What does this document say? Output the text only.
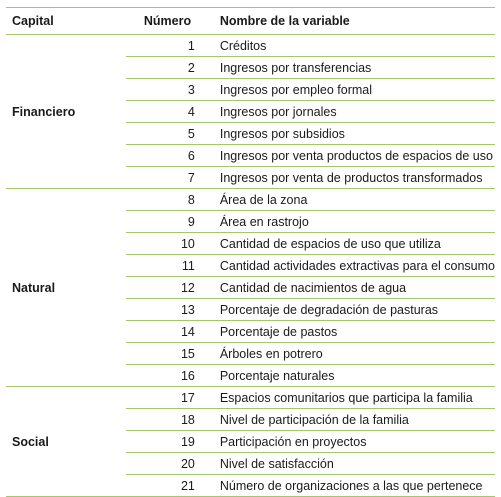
Capital	Número	Nombre de la variable
Financiero	1	Créditos
	2	Ingresos por transferencias
	3	Ingresos por empleo formal
	4	Ingresos por jornales
	5	Ingresos por subsidios
	6	Ingresos por venta productos de espacios de uso
	7	Ingresos por venta de productos transformados
Natural	8	Área de la zona
	9	Área en rastrojo
	10	Cantidad de espacios de uso que utiliza
	11	Cantidad actividades extractivas para el consumo
	12	Cantidad de nacimientos de agua
	13	Porcentaje de degradación de pasturas
	14	Porcentaje de pastos
	15	Árboles en potrero
	16	Porcentaje naturales
Social	17	Espacios comunitarios que participa la familia
	18	Nivel de participación de la familia
	19	Participación en proyectos
	20	Nivel de satisfacción
	21	Número de organizaciones a las que pertenece
